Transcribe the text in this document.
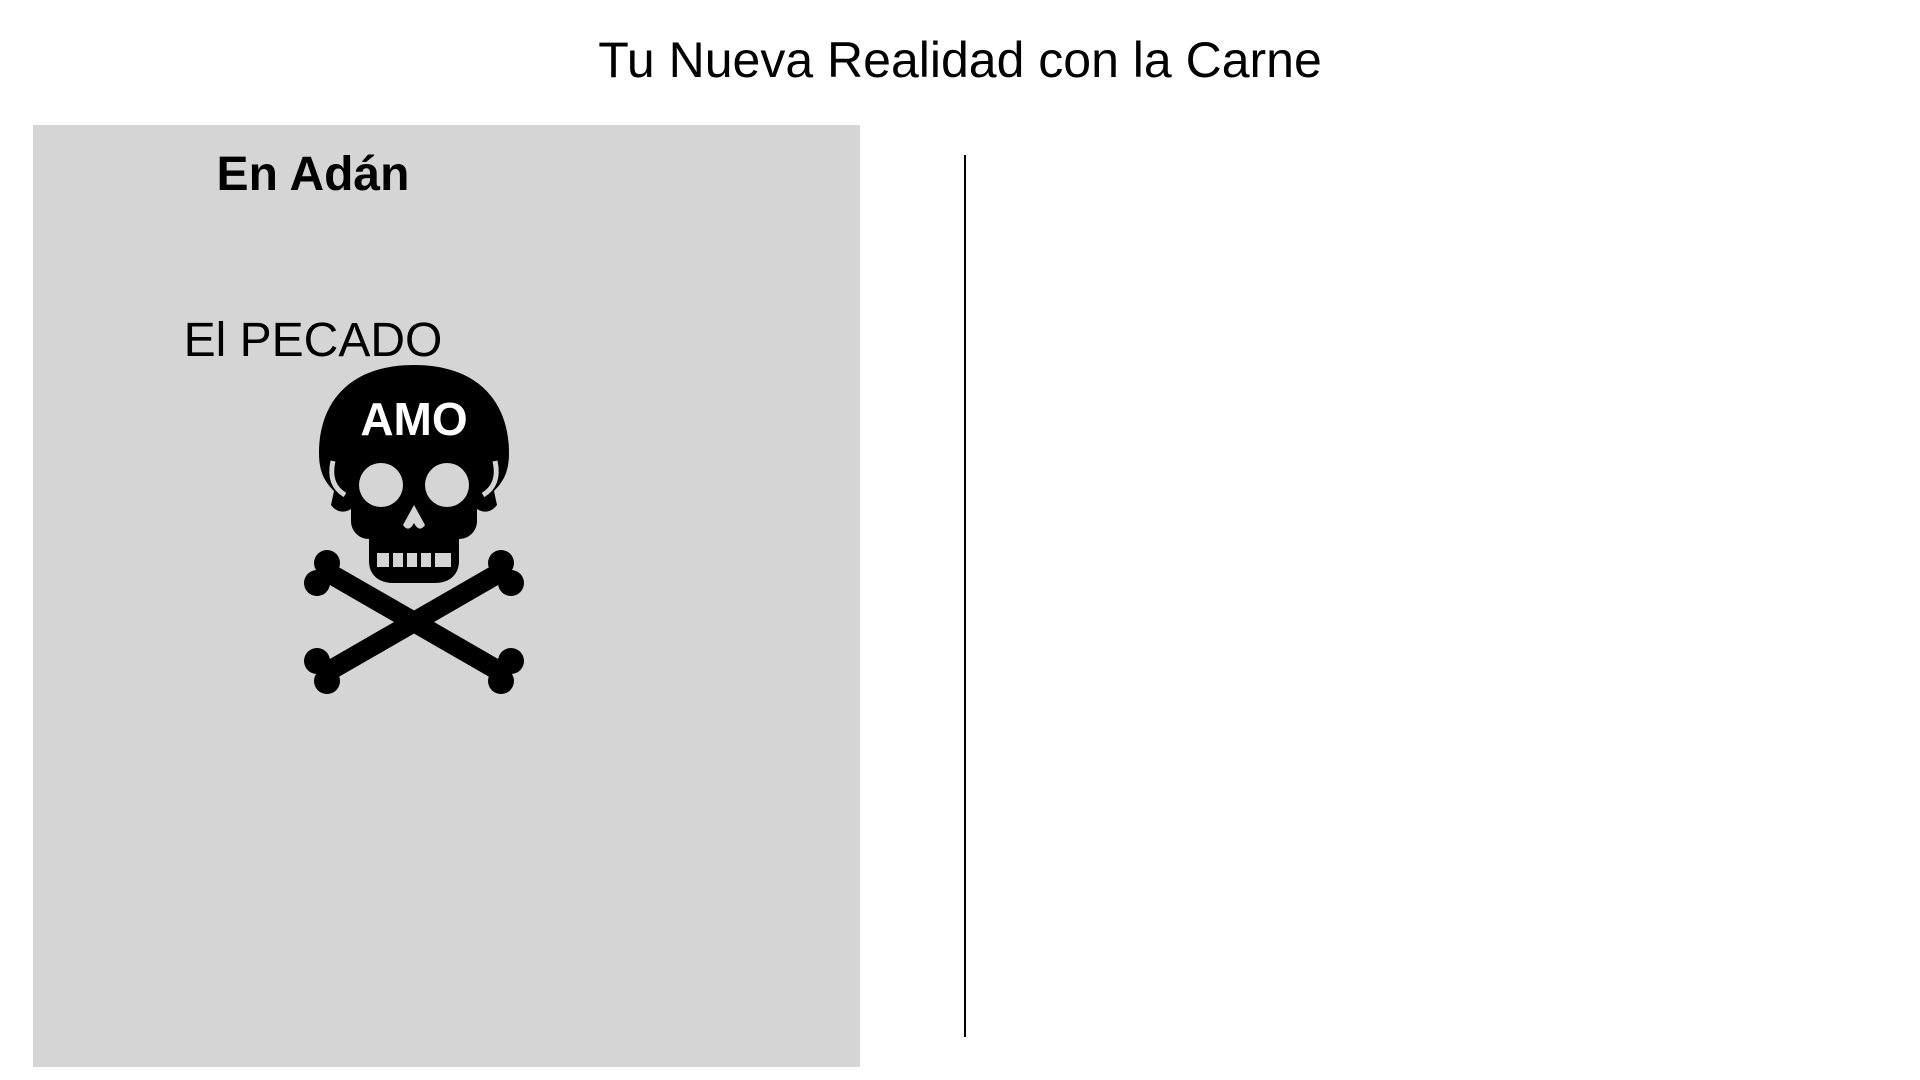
Tu Nueva Realidad con la Carne
En Adán
El PECADO
AMO
